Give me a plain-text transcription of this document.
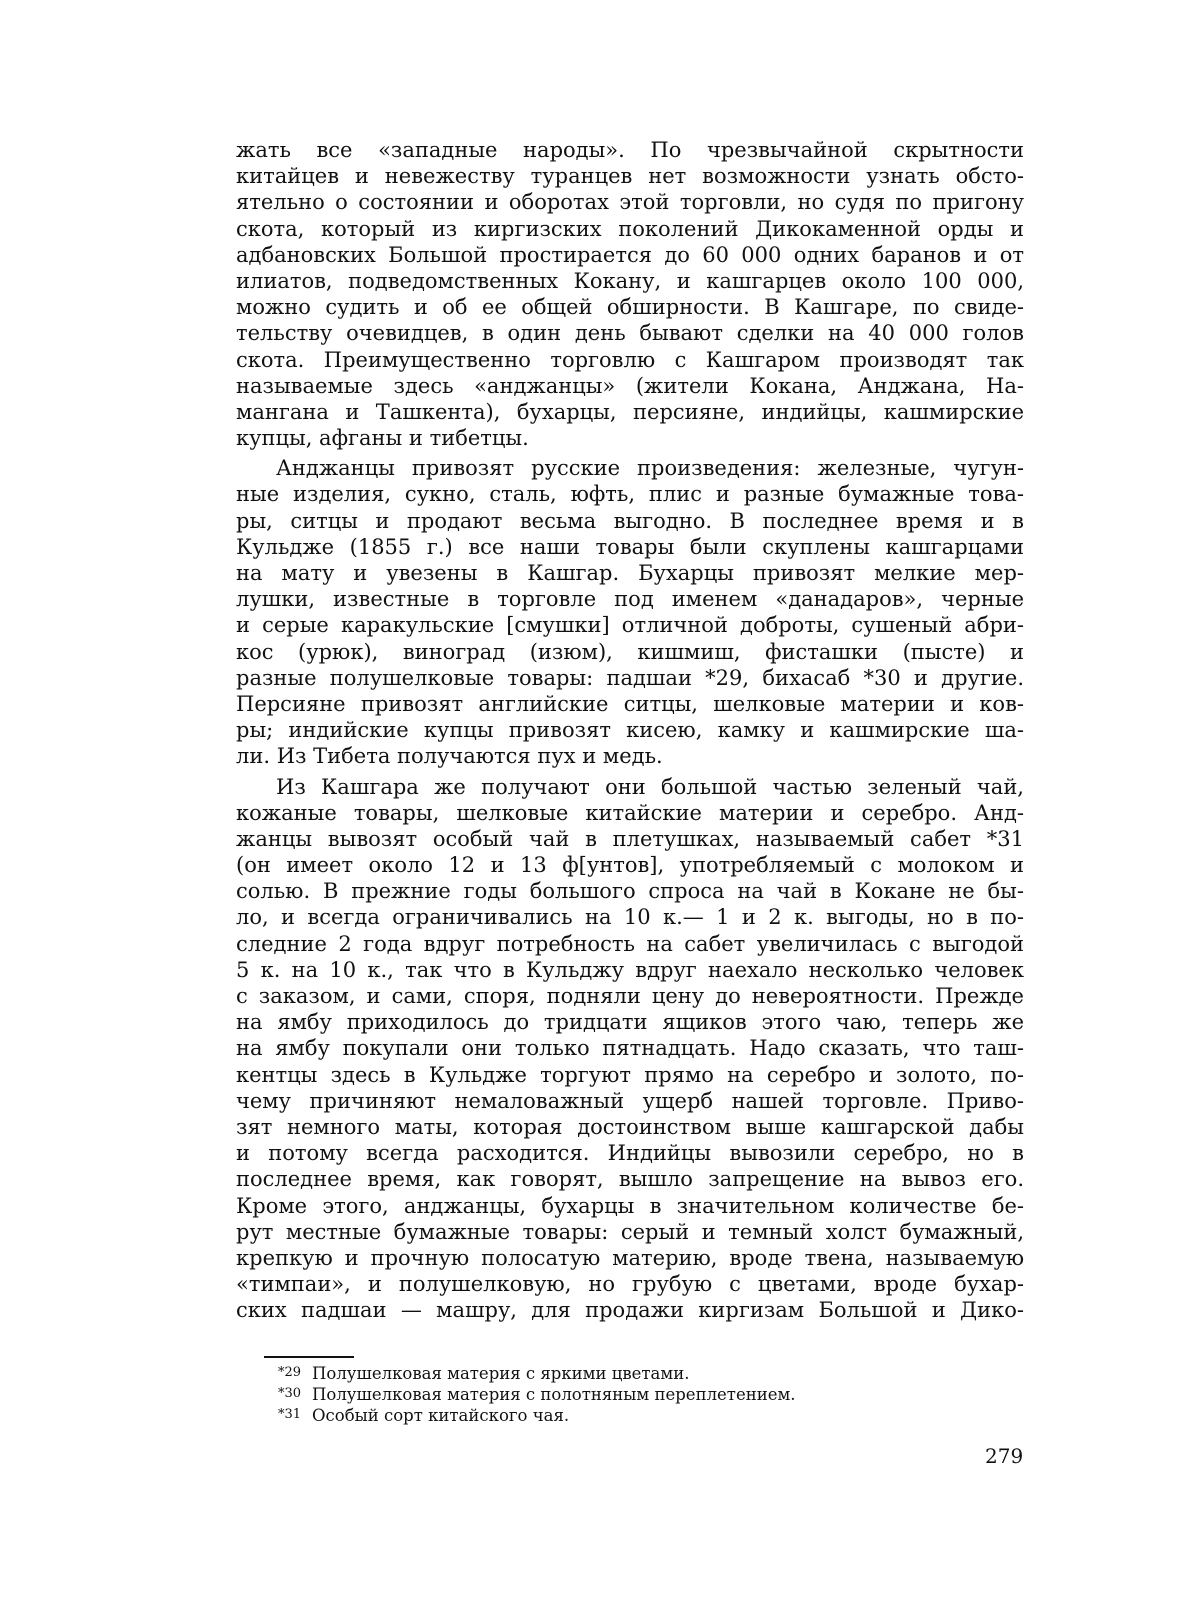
жать все «западные народы». По чрезвычайной скрытности
китайцев и невежеству туранцев нет возможности узнать обсто-
ятельно о состоянии и оборотах этой торговли, но судя по пригону
скота, который из киргизских поколений Дикокаменной орды и
адбановских Большой простирается до 60 000 одних баранов и от
илиатов, подведомственных Кокану, и кашгарцев около 100 000,
можно судить и об ее общей обширности. В Кашгаре, по свиде-
тельству очевидцев, в один день бывают сделки на 40 000 голов
скота. Преимущественно торговлю с Кашгаром производят так
называемые здесь «анджанцы» (жители Кокана, Анджана, На-
мангана и Ташкента), бухарцы, персияне, индийцы, кашмирские
купцы, афганы и тибетцы.
Анджанцы привозят русские произведения: железные, чугун-
ные изделия, сукно, сталь, юфть, плис и разные бумажные това-
ры, ситцы и продают весьма выгодно. В последнее время и в
Кульдже (1855 г.) все наши товары были скуплены кашгарцами
на мату и увезены в Кашгар. Бухарцы привозят мелкие мер-
лушки, известные в торговле под именем «данадаров», черные
и серые каракульские [смушки] отличной доброты, сушеный абри-
кос (урюк), виноград (изюм), кишмиш, фисташки (пысте) и
разные полушелковые товары: падшаи *29, бихасаб *30 и другие.
Персияне привозят английские ситцы, шелковые материи и ков-
ры; индийские купцы привозят кисею, камку и кашмирские ша-
ли. Из Тибета получаются пух и медь.
Из Кашгара же получают они большой частью зеленый чай,
кожаные товары, шелковые китайские материи и серебро. Анд-
жанцы вывозят особый чай в плетушках, называемый сабет *31
(он имеет около 12 и 13 ф[унтов], употребляемый с молоком и
солью. В прежние годы большого спроса на чай в Кокане не бы-
ло, и всегда ограничивались на 10 к.— 1 и 2 к. выгоды, но в по-
следние 2 года вдруг потребность на сабет увеличилась с выгодой
5 к. на 10 к., так что в Кульджу вдруг наехало несколько человек
с заказом, и сами, споря, подняли цену до невероятности. Прежде
на ямбу приходилось до тридцати ящиков этого чаю, теперь же
на ямбу покупали они только пятнадцать. Надо сказать, что таш-
кентцы здесь в Кульдже торгуют прямо на серебро и золото, по-
чему причиняют немаловажный ущерб нашей торговле. Приво-
зят немного маты, которая достоинством выше кашгарской дабы
и потому всегда расходится. Индийцы вывозили серебро, но в
последнее время, как говорят, вышло запрещение на вывоз его.
Кроме этого, анджанцы, бухарцы в значительном количестве бе-
рут местные бумажные товары: серый и темный холст бумажный,
крепкую и прочную полосатую материю, вроде твена, называемую
«тимпаи», и полушелковую, но грубую с цветами, вроде бухар-
ских падшаи — машру, для продажи киргизам Большой и Дико-
*29 Полушелковая материя с яркими цветами.
*30 Полушелковая материя с полотняным переплетением.
*31 Особый сорт китайского чая.
279
